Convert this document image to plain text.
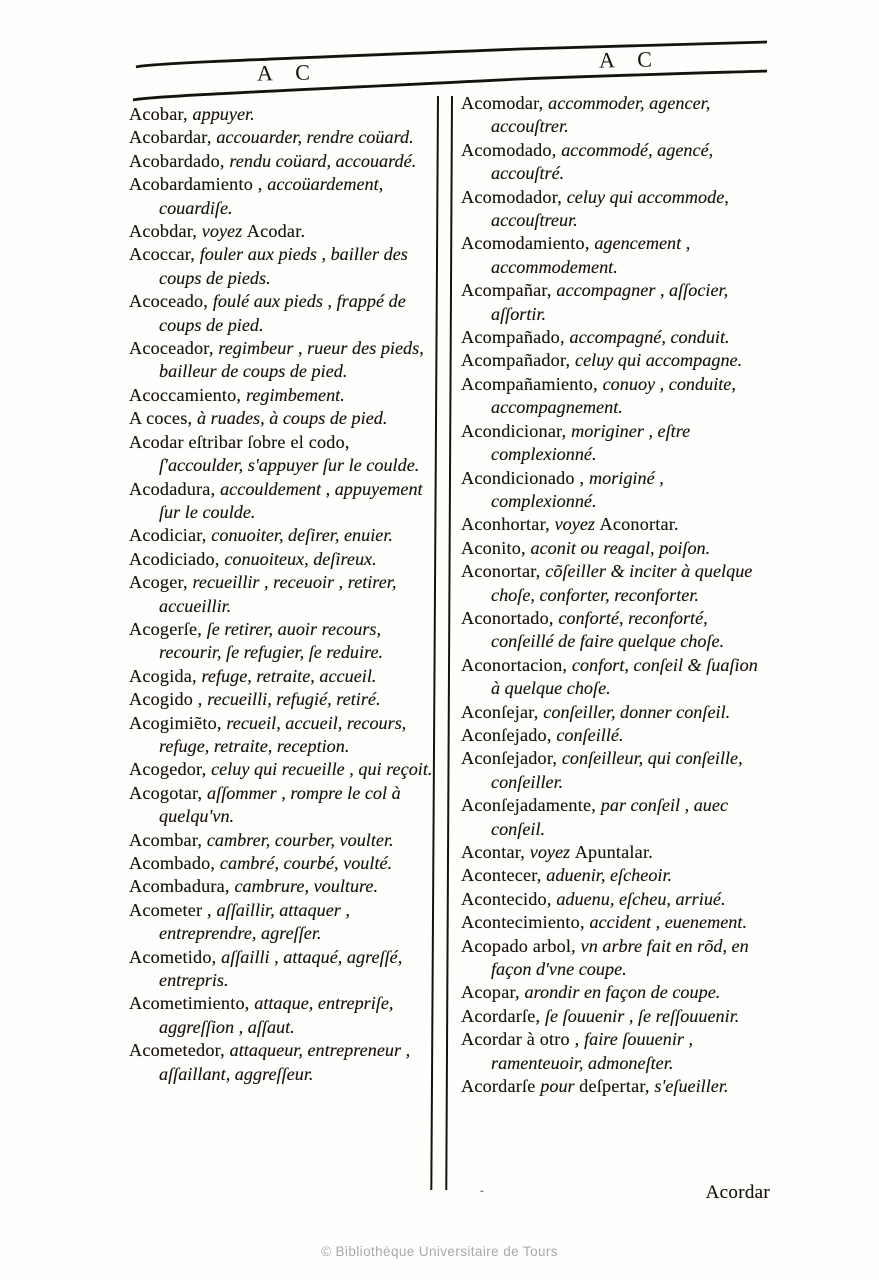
A C	A C

Acobar, appuyer.

Acobardar, accouarder, rendre coüard.

Acobardado, rendu coüard, accouardé.

Acobardamiento , accoüardement, couardiſe.

Acobdar, voyez Acodar.

Acoccar, fouler aux pieds , bailler des coups de pieds.

Acoceado, foulé aux pieds , frappé de coups de pied.

Acoceador, regimbeur , rueur des pieds, bailleur de coups de pied.

Acoccamiento, regimbement.

A coces, à ruades, à coups de pied.

Acodar eſtribar ſobre el codo, ſ'accoulder, s'appuyer ſur le coulde.

Acodadura, accouldement , appuyement ſur le coulde.

Acodiciar, conuoiter, deſirer, enuier.

Acodiciado, conuoiteux, deſireux.

Acoger, recueillir , receuoir , retirer, accueillir.

Acogerſe, ſe retirer, auoir recours, recourir, ſe refugier, ſe reduire.

Acogida, refuge, retraite, accueil.

Acogido , recueilli, refugié, retiré.

Acogimiẽto, recueil, accueil, recours, refuge, retraite, reception.

Acogedor, celuy qui recueille , qui reçoit.

Acogotar, aſſommer , rompre le col à quelqu'vn.

Acombar, cambrer, courber, voulter.

Acombado, cambré, courbé, voulté.

Acombadura, cambrure, voulture.

Acometer , aſſaillir, attaquer , entreprendre, agreſſer.

Acometido, aſſailli , attaqué, agreſſé, entrepris.

Acometimiento, attaque, entrepriſe, aggreſſion , aſſaut.

Acometedor, attaqueur, entrepreneur , aſſaillant, aggreſſeur.

Acomodar, accommoder, agencer, accouſtrer.

Acomodado, accommodé, agencé, accouſtré.

Acomodador, celuy qui accommode, accouſtreur.

Acomodamiento, agencement , accommodement.

Acompañar, accompagner , aſſocier, aſſortir.

Acompañado, accompagné, conduit.

Acompañador, celuy qui accompagne.

Acompañamiento, conuoy , conduite, accompagnement.

Acondicionar, moriginer , eſtre complexionné.

Acondicionado , moriginé , complexionné.

Aconhortar, voyez Aconortar.

Aconito, aconit ou reagal, poiſon.

Aconortar, cõſeiller & inciter à quelque choſe, conforter, reconforter.

Aconortado, conforté, reconforté, conſeillé de faire quelque choſe.

Aconortacion, confort, conſeil & ſuaſion à quelque choſe.

Aconſejar, conſeiller, donner conſeil.

Aconſejado, conſeillé.

Aconſejador, conſeilleur, qui conſeille, conſeiller.

Aconſejadamente, par conſeil , auec conſeil.

Acontar, voyez Apuntalar.

Acontecer, aduenir, eſcheoir.

Acontecido, aduenu, eſcheu, arriué.

Acontecimiento, accident , euenement.

Acopado arbol, vn arbre fait en rõd, en façon d'vne coupe.

Acopar, arondir en façon de coupe.

Acordarſe, ſe ſouuenir , ſe reſſouuenir.

Acordar à otro , faire ſouuenir , ramenteuoir, admoneſter.

Acordarſe pour deſpertar, s'eſueiller.

Acordar
`
© Bibliothèque Universitaire de Tours
